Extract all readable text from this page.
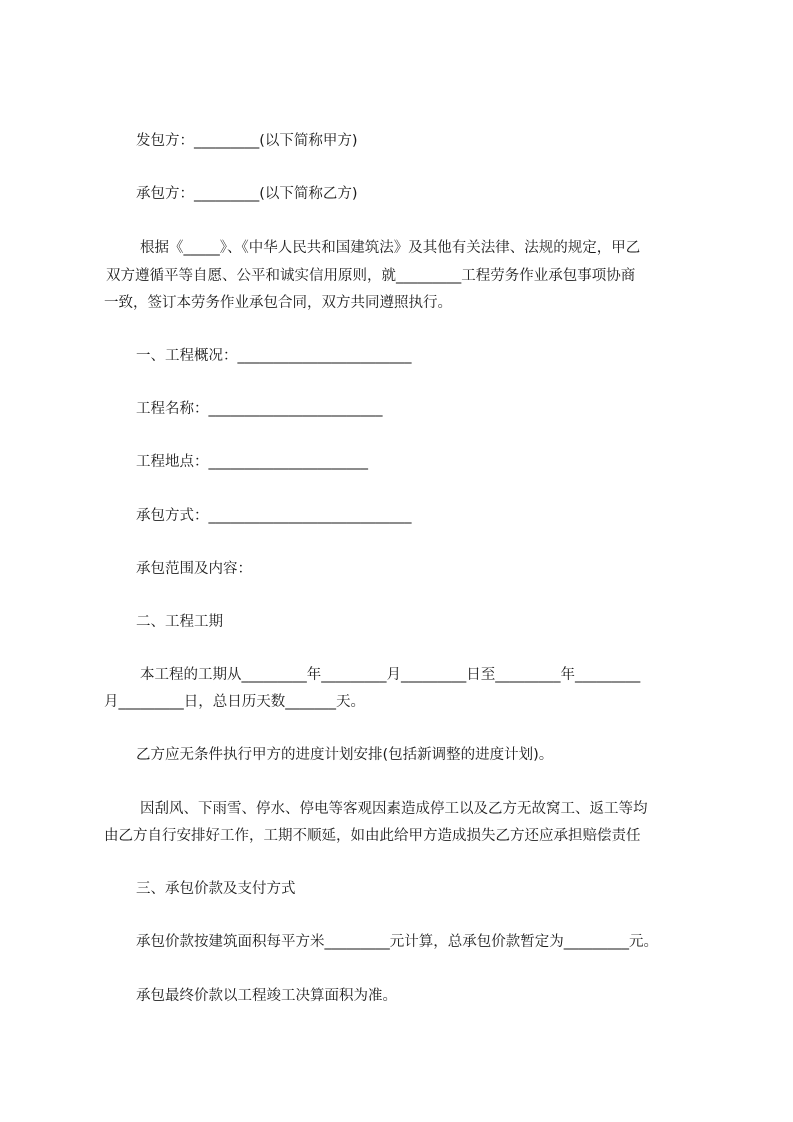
发包方：_________(以下简称甲方)
承包方：_________(以下简称乙方)
根据《_____》、《中华人民共和国建筑法》及其他有关法律、法规的规定，甲乙
双方遵循平等自愿、公平和诚实信用原则，就_________工程劳务作业承包事项协商
一致，签订本劳务作业承包合同，双方共同遵照执行。
一、工程概况：________________________
工程名称：________________________
工程地点：______________________
承包方式：____________________________
承包范围及内容：
二、工程工期
本工程的工期从_________年_________月_________日至_________年_________
月_________日，总日历天数_______天。
乙方应无条件执行甲方的进度计划安排(包括新调整的进度计划)。
因刮风、下雨雪、停水、停电等客观因素造成停工以及乙方无故窝工、返工等均
由乙方自行安排好工作，工期不顺延，如由此给甲方造成损失乙方还应承担赔偿责任
三、承包价款及支付方式
承包价款按建筑面积每平方米_________元计算，总承包价款暂定为_________元。
承包最终价款以工程竣工决算面积为准。
